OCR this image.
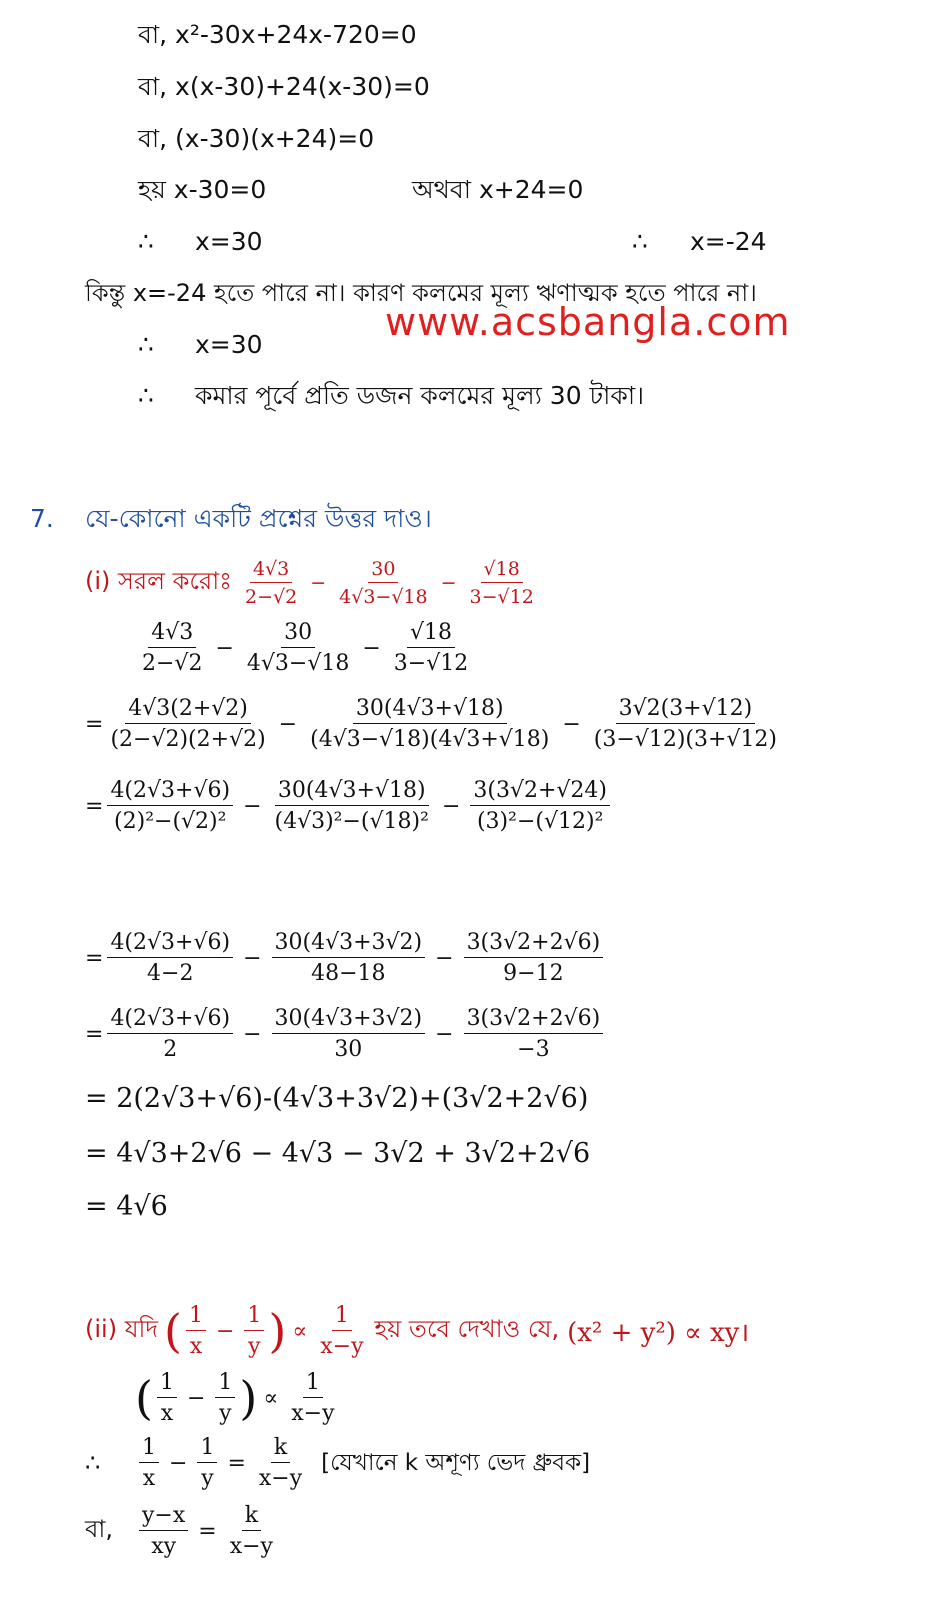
বা, x²-30x+24x-720=0
বা, x(x-30)+24(x-30)=0
বা, (x-30)(x+24)=0
হয় x-30=0	অথবা x+24=0
∴ x=30	∴ x=-24
কিন্তু x=-24 হতে পারে না। কারণ কলমের মূল্য ঋণাত্মক হতে পারে না।
www.acsbangla.com
∴ x=30
∴ কমার পূর্বে প্রতি ডজন কলমের মূল্য 30 টাকা।
7. যে-কোনো একটি প্রশ্নের উত্তর দাও।
(i) সরল করোঃ $\frac{4√3}{2-√2} - \frac{30}{4√3-√18} - \frac{√18}{3-√12}$
$\frac{4√3}{2-√2} - \frac{30}{4√3-√18} - \frac{√18}{3-√12}$
= $\frac{4√3(2+√2)}{(2-√2)(2+√2)} - \frac{30(4√3+√18)}{(4√3-√18)(4√3+√18)} - \frac{3√2(3+√12)}{(3-√12)(3+√12)}$
= $\frac{4(2√3+√6)}{\text{(2)²−(√2)²}} - \frac{30(4√3+√18)}{\text{(4√3)²−(√18)²}} - \frac{3(3√2+√24)}{\text{(3)²−(√12)²}}$
= $\frac{4(2√3+√6)}{4-2} - \frac{30(4√3+3√2)}{48-18} - \frac{3(3√2+2√6)}{9-12}$
= $\frac{4(2√3+√6)}{2} - \frac{30(4√3+3√2)}{30} - \frac{3(3√2+2√6)}{-3}$
= 2(2√3+√6)-(4√3+3√2)+(3√2+2√6)
= 4√3+2√6 − 4√3 − 3√2 + 3√2+2√6
= 4√6
(ii) যদি ( $\frac{1}{x} - \frac{1}{y}$ ) ∝ $\frac{1}{x-y}$ হয় তবে দেখাও যে, (x² + y²) ∝ xy।
( $\frac{1}{x} - \frac{1}{y}$ ) ∝ $\frac{1}{x-y}$
∴	$\frac{1}{x} - \frac{1}{y} = \frac{k}{x-y}$ [যেখানে k অশূণ্য ভেদ ধ্রুবক]
বা,	$\frac{y-x}{xy} = \frac{k}{x-y}$
